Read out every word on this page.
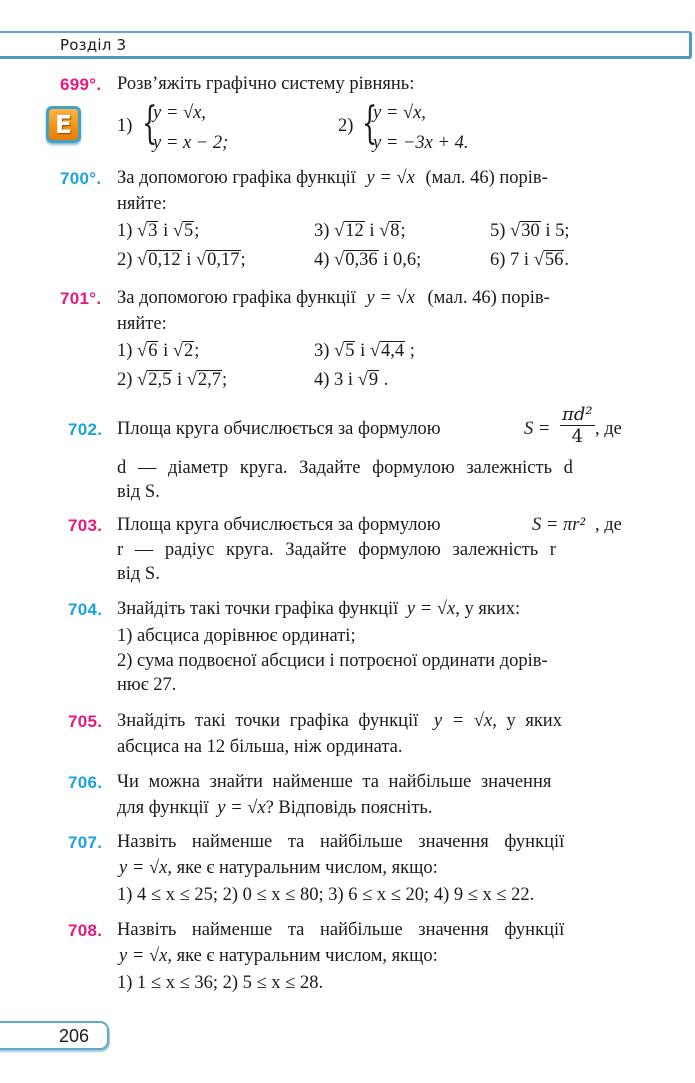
Розділ 3
699°. Розв’яжіть графічно систему рівнянь:
E	1) {
y = √x,
y = x − 2;
2) {
y = √x,
y = −3x + 4.
700°. За допомогою графіка функції y = √x (мал. 46) порів-
няйте:
1) √3 і √5;	3) √12 і √8;	5) √30 і 5;
2) √0,12 і √0,17;	4) √0,36 і 0,6;	6) 7 і √56.
701°. За допомогою графіка функції y = √x (мал. 46) порів-
няйте:
1) √6 і √2;	3) √5 і √4,4 ;
2) √2,5 і √2,7;	4) 3 і √9 .
702. Площа круга обчислюється за формулою	$S = \frac{\text{πd²}}{4}$ , де
d — діаметр круга. Задайте формулою залежність d
від S.
703. Площа круга обчислюється за формулою	S = πr² , де
r — радіус круга. Задайте формулою залежність r
від S.
704. Знайдіть такі точки графіка функції y = √x, у яких:
1) абсциса дорівнює ординаті;
2) сума подвоєної абсциси і потроєної ординати дорів-
нює 27.
705. Знайдіть такі точки графіка функції y = √x, у яких
абсциса на 12 більша, ніж ордината.
706. Чи можна знайти найменше та найбільше значення
для функції y = √x? Відповідь поясніть.
707. Назвіть найменше та найбільше значення функції
y = √x, яке є натуральним числом, якщо:
1) 4 ≤ x ≤ 25; 2) 0 ≤ x ≤ 80; 3) 6 ≤ x ≤ 20; 4) 9 ≤ x ≤ 22.
708. Назвіть найменше та найбільше значення функції
y = √x, яке є натуральним числом, якщо:
1) 1 ≤ x ≤ 36; 2) 5 ≤ x ≤ 28.
206
